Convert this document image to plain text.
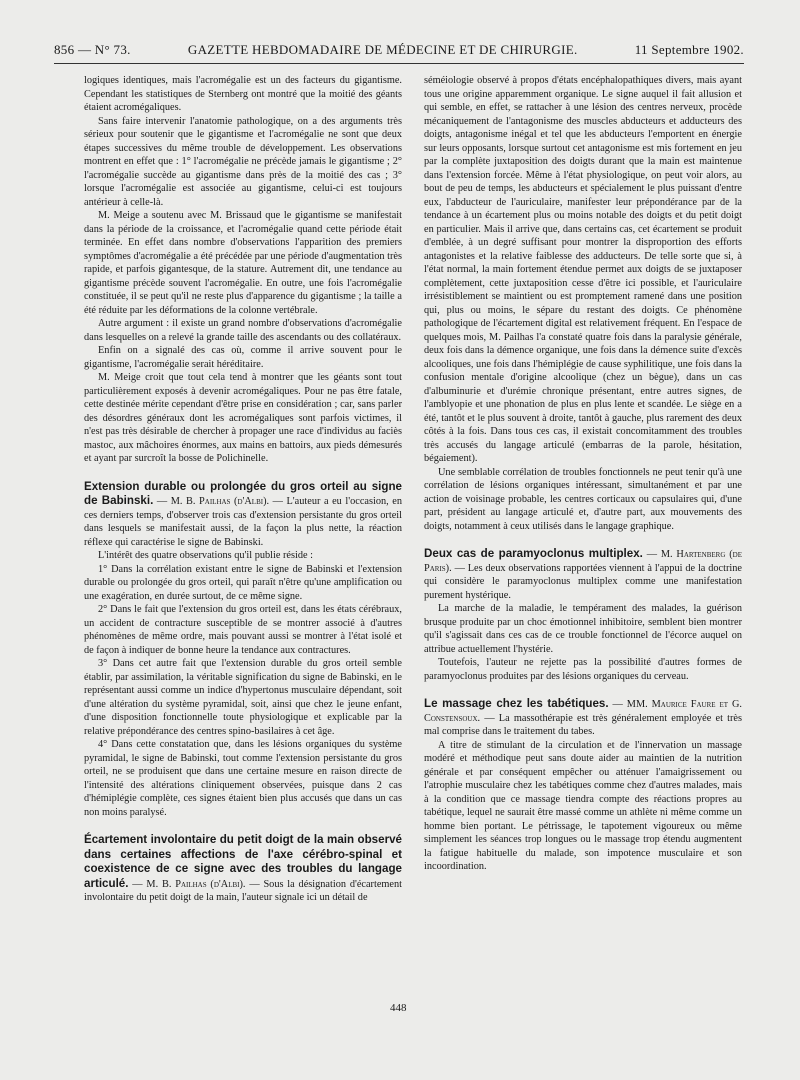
856 — N° 73.	GAZETTE HEBDOMADAIRE DE MÉDECINE ET DE CHIRURGIE.	11 Septembre 1902.

logiques identiques, mais l'acromégalie est un des facteurs du gigantisme. Cependant les statistiques de Sternberg ont montré que la moitié des géants étaient acromégaliques.

Sans faire intervenir l'anatomie pathologique, on a des arguments très sérieux pour soutenir que le gigantisme et l'acromégalie ne sont que deux étapes successives du même trouble de développement. Les observations montrent en effet que : 1° l'acromégalie ne précède jamais le gigantisme ; 2° l'acromégalie succède au gigantisme dans près de la moitié des cas ; 3° lorsque l'acromégalie est associée au gigantisme, celui-ci est toujours antérieur à celle-là.

M. Meige a soutenu avec M. Brissaud que le gigantisme se manifestait dans la période de la croissance, et l'acromégalie quand cette période était terminée. En effet dans nombre d'observations l'apparition des premiers symptômes d'acromégalie a été précédée par une période d'augmentation très rapide, et parfois gigantesque, de la stature. Autrement dit, une tendance au gigantisme précède souvent l'acromégalie. En outre, une fois l'acromégalie constituée, il se peut qu'il ne reste plus d'apparence du gigantisme ; la taille a été réduite par les déformations de la colonne vertébrale.

Autre argument : il existe un grand nombre d'observations d'acromégalie dans lesquelles on a relevé la grande taille des ascendants ou des collatéraux.

Enfin on a signalé des cas où, comme il arrive souvent pour le gigantisme, l'acromégalie serait héréditaire.

M. Meige croit que tout cela tend à montrer que les géants sont tout particulièrement exposés à devenir acromégaliques. Pour ne pas être fatale, cette destinée mérite cependant d'être prise en considération ; car, sans parler des désordres généraux dont les acromégaliques sont parfois victimes, il n'est pas très désirable de chercher à propager une race d'individus au faciès mastoc, aux mâchoires énormes, aux mains en battoirs, aux pieds démesurés et ayant par surcroît la bosse de Polichinelle.

Extension durable ou prolongée du gros orteil au signe de Babinski. — M. B. Pailhas (d'Albi). — L'auteur a eu l'occasion, en ces derniers temps, d'observer trois cas d'extension persistante du gros orteil dans lesquels se manifestait aussi, de la façon la plus nette, la réaction réflexe qui caractérise le signe de Babinski.

L'intérêt des quatre observations qu'il publie réside :

1° Dans la corrélation existant entre le signe de Babinski et l'extension durable ou prolongée du gros orteil, qui paraît n'être qu'une amplification ou une exagération, en durée surtout, de ce même signe.

2° Dans le fait que l'extension du gros orteil est, dans les états cérébraux, un accident de contracture susceptible de se montrer associé à d'autres phénomènes de même ordre, mais pouvant aussi se montrer à l'état isolé et de façon à indiquer de bonne heure la tendance aux contractures.

3° Dans cet autre fait que l'extension durable du gros orteil semble établir, par assimilation, la véritable signification du signe de Babinski, en le représentant aussi comme un indice d'hypertonus musculaire dépendant, soit d'une altération du système pyramidal, soit, ainsi que chez le jeune enfant, d'une disposition fonctionnelle toute physiologique et explicable par la relative prépondérance des centres spino-basilaires à cet âge.

4° Dans cette constatation que, dans les lésions organiques du système pyramidal, le signe de Babinski, tout comme l'extension persistante du gros orteil, ne se produisent que dans une certaine mesure en raison directe de l'intensité des altérations cliniquement observées, puisque dans 2 cas d'hémiplégie complète, ces signes étaient bien plus accusés que dans un cas non moins paralysé.

Écartement involontaire du petit doigt de la main observé dans certaines affections de l'axe cérébro-spinal et coexistence de ce signe avec des troubles du langage articulé. — M. B. Pailhas (d'Albi). — Sous la désignation d'écartement involontaire du petit doigt de la main, l'auteur signale ici un détail de

séméiologie observé à propos d'états encéphalopathiques divers, mais ayant tous une origine apparemment organique. Le signe auquel il fait allusion et qui semble, en effet, se rattacher à une lésion des centres nerveux, procède mécaniquement de l'antagonisme des muscles abducteurs et adducteurs des doigts, antagonisme inégal et tel que les abducteurs l'emportent en énergie sur leurs opposants, lorsque surtout cet antagonisme est mis fortement en jeu par la complète juxtaposition des doigts durant que la main est maintenue dans l'extension forcée. Même à l'état physiologique, on peut voir alors, au bout de peu de temps, les abducteurs et spécialement le plus puissant d'entre eux, l'abducteur de l'auriculaire, manifester leur prépondérance par de la tendance à un écartement plus ou moins notable des doigts et du petit doigt en particulier. Mais il arrive que, dans certains cas, cet écartement se produit d'emblée, à un degré suffisant pour montrer la disproportion des efforts antagonistes et la relative faiblesse des adducteurs. De telle sorte que si, à l'état normal, la main fortement étendue permet aux doigts de se juxtaposer complètement, cette juxtaposition cesse d'être ici possible, et l'auriculaire irrésistiblement se maintient ou est promptement ramené dans une position qui, plus ou moins, le sépare du restant des doigts. Ce phénomène pathologique de l'écartement digital est relativement fréquent. En l'espace de quelques mois, M. Pailhas l'a constaté quatre fois dans la paralysie générale, deux fois dans la démence organique, une fois dans la démence suite d'excès alcooliques, une fois dans l'hémiplégie de cause syphilitique, une fois dans la confusion mentale d'origine alcoolique (chez un bègue), dans un cas d'albuminurie et d'urémie chronique présentant, entre autres signes, de l'amblyopie et une phonation de plus en plus lente et scandée. Le siège en a été, tantôt et le plus souvent à droite, tantôt à gauche, plus rarement des deux côtés à la fois. Dans tous ces cas, il existait concomitamment des troubles très accusés du langage articulé (embarras de la parole, hésitation, bégaiement).

Une semblable corrélation de troubles fonctionnels ne peut tenir qu'à une corrélation de lésions organiques intéressant, simultanément et par une action de voisinage probable, les centres corticaux ou capsulaires qui, d'une part, président au langage articulé et, d'autre part, aux mouvements des doigts, notamment à ceux utilisés dans le langage graphique.

Deux cas de paramyoclonus multiplex. — M. Hartenberg (de Paris). — Les deux observations rapportées viennent à l'appui de la doctrine qui considère le paramyoclonus multiplex comme une manifestation purement hystérique.

La marche de la maladie, le tempérament des malades, la guérison brusque produite par un choc émotionnel inhibitoire, semblent bien montrer qu'il s'agissait dans ces cas de ce trouble fonctionnel de l'écorce auquel on attribue actuellement l'hystérie.

Toutefois, l'auteur ne rejette pas la possibilité d'autres formes de paramyoclonus produites par des lésions organiques du cerveau.

Le massage chez les tabétiques. — MM. Maurice Faure et G. Constensoux. — La massothérapie est très généralement employée et très mal comprise dans le traitement du tabes.

A titre de stimulant de la circulation et de l'innervation un massage modéré et méthodique peut sans doute aider au maintien de la nutrition générale et par conséquent empêcher ou atténuer l'amaigrissement ou l'atrophie musculaire chez les tabétiques comme chez d'autres malades, mais à la condition que ce massage tiendra compte des réactions propres au tabétique, lequel ne saurait être massé comme un athlète ni même comme un homme bien portant. Le pétrissage, le tapotement vigoureux ou même simplement les séances trop longues ou le massage trop étendu augmentent la fatigue habituelle du malade, son impotence musculaire et son incoordination.

448
